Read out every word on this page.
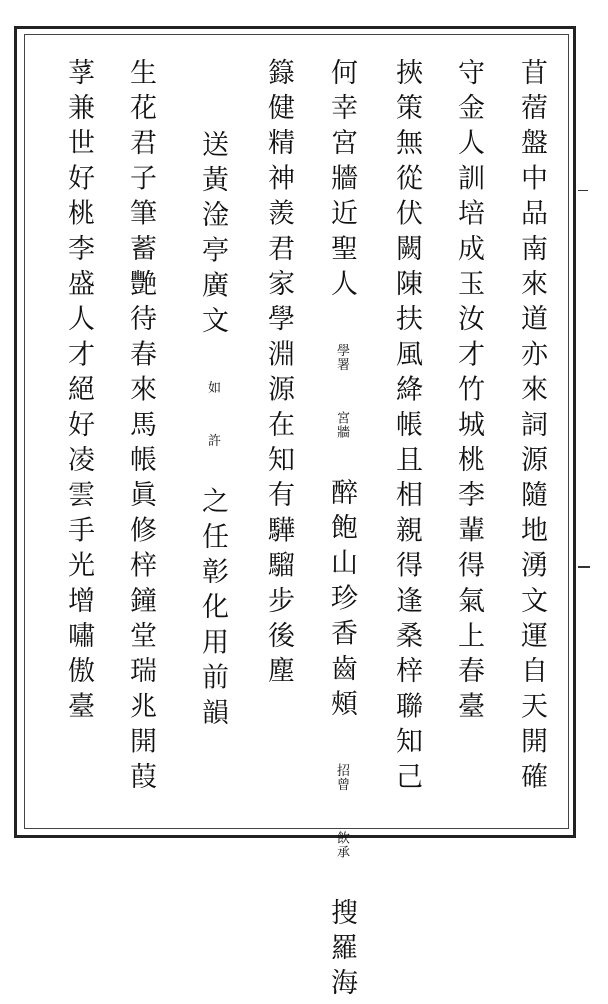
苜蓿盤中品南來道亦來詞源隨地湧文運自天開確
守金人訓培成玉汝才竹城桃李輩得氣上春臺
挾策無從伏闕陳扶風絳帳且相親得逢桑梓聯知己
何幸宮牆近聖人 學署 宮牆 醉飽山珍香齒頰 招曾 飲承 搜羅海
籙健精神羨君家學淵源在知有驊騮步後塵
送黃淦亭廣文 如 許 之任彰化用前韻
生花君子筆蓄艷待春來馬帳眞修梓鐘堂瑞兆開葭
莩兼世好桃李盛人才絕好凌雲手光增嘯傲臺
